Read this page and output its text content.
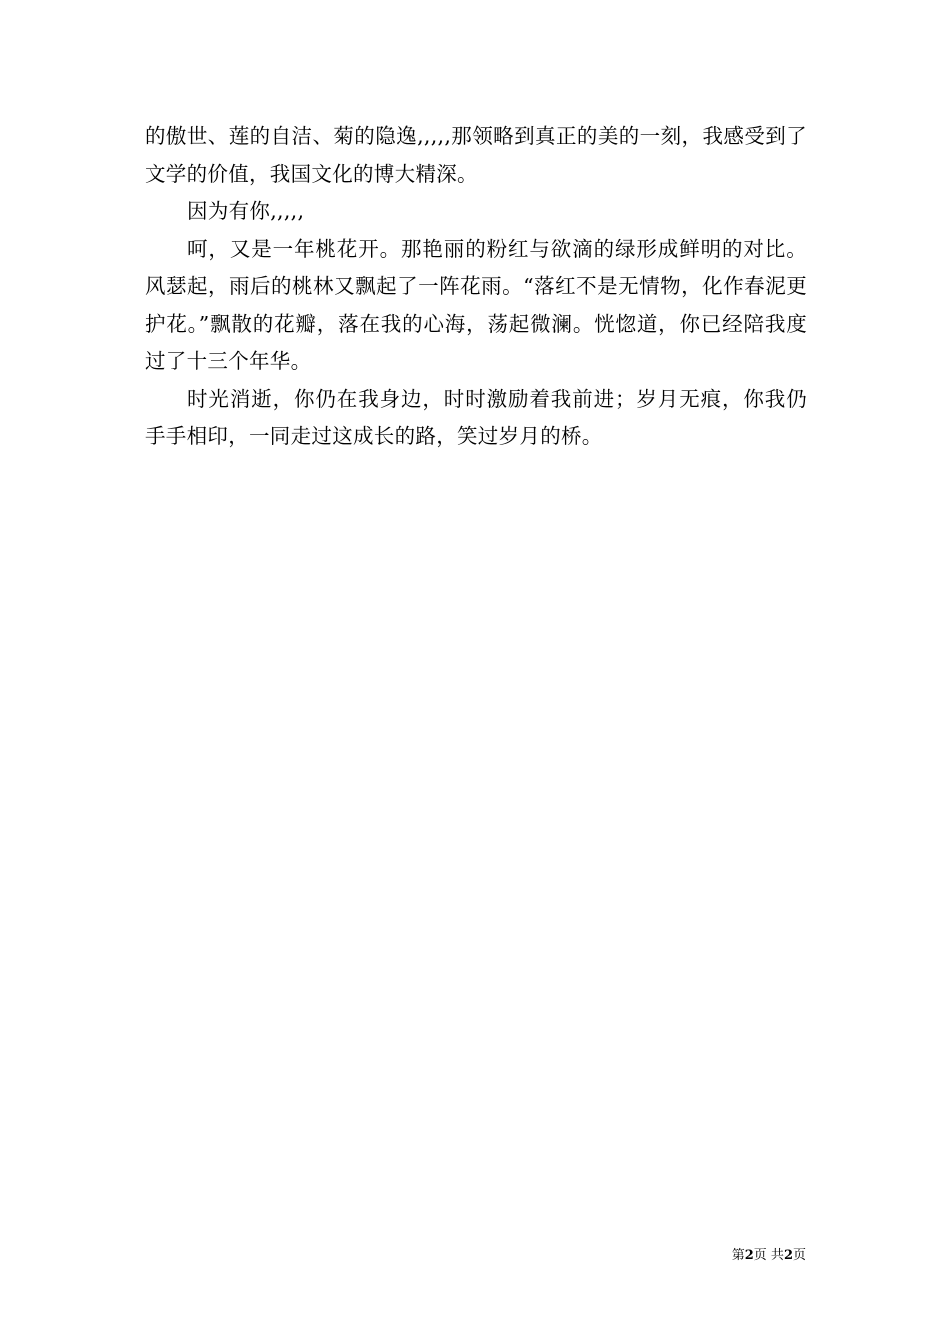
的傲世、莲的自洁、菊的隐逸,,,,,那领略到真正的美的一刻，我感受到了文学的价值，我国文化的博大精深。

因为有你,,,,,

呵，又是一年桃花开。那艳丽的粉红与欲滴的绿形成鲜明的对比。风瑟起，雨后的桃林又飘起了一阵花雨。“落红不是无情物，化作春泥更护花。”飘散的花瓣，落在我的心海，荡起微澜。恍惚道，你已经陪我度过了十三个年华。

时光消逝，你仍在我身边，时时激励着我前进；岁月无痕，你我仍手手相印，一同走过这成长的路，笑过岁月的桥。

第2页 共2页
